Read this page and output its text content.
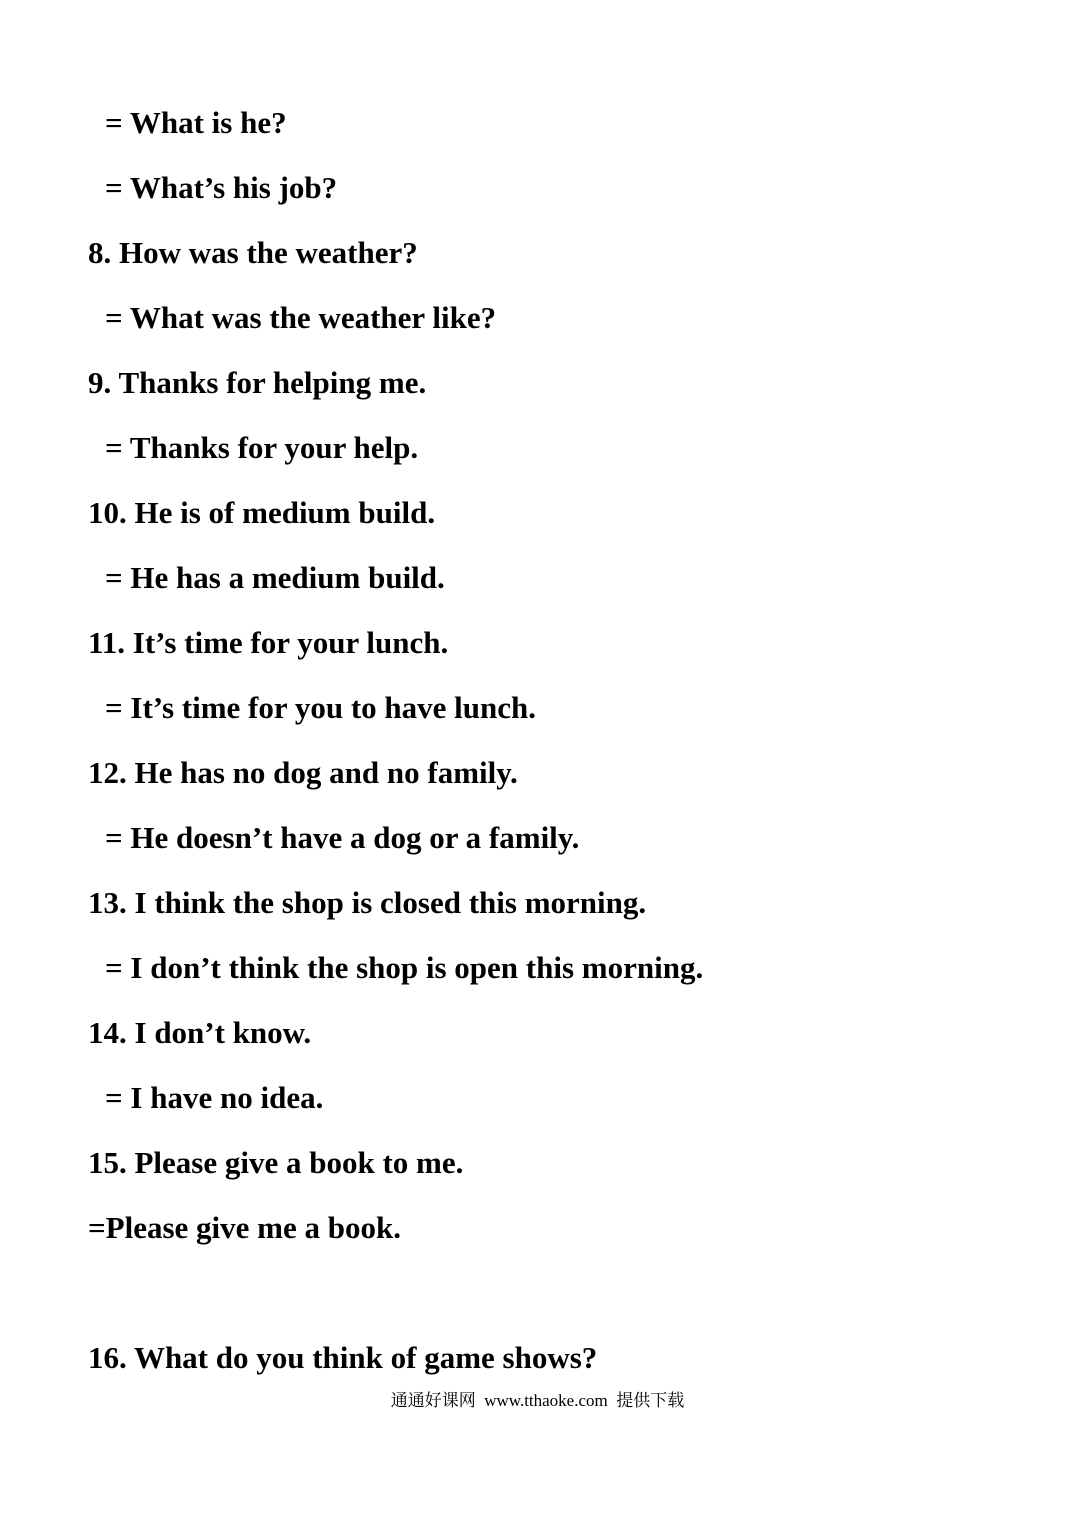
= What is he?
= What’s his job?
8. How was the weather?
= What was the weather like?
9. Thanks for helping me.
= Thanks for your help.
10. He is of medium build.
= He has a medium build.
11. It’s time for your lunch.
= It’s time for you to have lunch.
12. He has no dog and no family.
= He doesn’t have a dog or a family.
13. I think the shop is closed this morning.
= I don’t think the shop is open this morning.
14. I don’t know.
= I have no idea.
15. Please give a book to me.
=Please give me a book.
16. What do you think of game shows?
通通好课网  www.tthaoke.com  提供下载
